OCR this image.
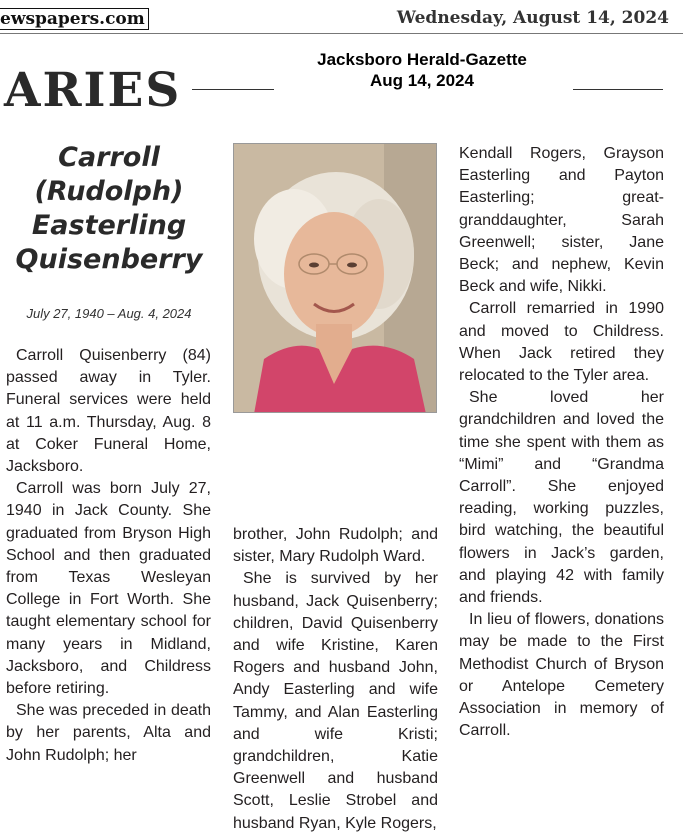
ewspapers.com	Wednesday, August 14, 2024
Jacksboro Herald-Gazette
Aug 14, 2024
ARIES
Carroll
(Rudolph)
Easterling
Quisenberry
July 27, 1940 – Aug. 4, 2024

Carroll Quisenberry (84) passed away in Tyler. Funeral services were held at 11 a.m. Thursday, Aug. 8 at Coker Funeral Home, Jacksboro.

Carroll was born July 27, 1940 in Jack County. She graduated from Bryson High School and then graduated from Texas Wesleyan College in Fort Worth. She taught elementary school for many years in Midland, Jacksboro, and Childress before retiring.

She was preceded in death by her parents, Alta and John Rudolph; her

brother, John Rudolph; and sister, Mary Rudolph Ward.

She is survived by her husband, Jack Quisenberry; children, David Quisenberry and wife Kristine, Karen Rogers and husband John, Andy Easterling and wife Tammy, and Alan Easterling and wife Kristi; grandchildren, Katie Greenwell and husband Scott, Leslie Strobel and husband Ryan, Kyle Rogers,

Kendall Rogers, Grayson Easterling and Payton Easterling; great-granddaughter, Sarah Greenwell; sister, Jane Beck; and nephew, Kevin Beck and wife, Nikki.

Carroll remarried in 1990 and moved to Childress. When Jack retired they relocated to the Tyler area.

She loved her grandchildren and loved the time she spent with them as “Mimi” and “Grandma Carroll”. She enjoyed reading, working puzzles, bird watching, the beautiful flowers in Jack’s garden, and playing 42 with family and friends.

In lieu of flowers, donations may be made to the First Methodist Church of Bryson or Antelope Cemetery Association in memory of Carroll.
